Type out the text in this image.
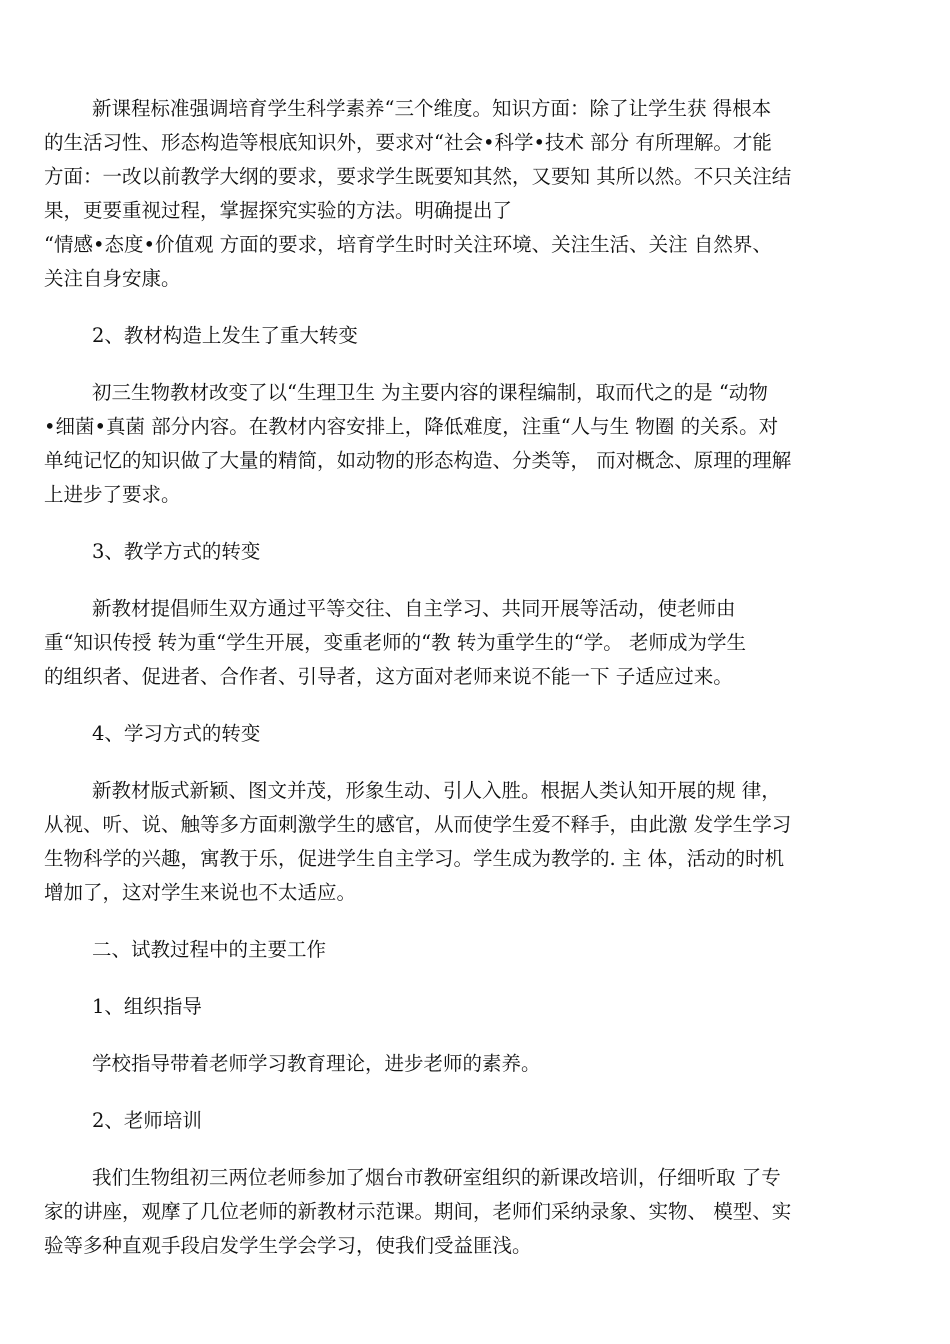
新课程标准强调培育学生科学素养“三个维度。知识方面：除了让学生获 得根本
的生活习性、形态构造等根底知识外，要求对“社会•科学•技术 部分 有所理解。才能
方面：一改以前教学大纲的要求，要求学生既要知其然，又要知 其所以然。不只关注结
果，更要重视过程，掌握探究实验的方法。明确提出了
“情感•态度•价值观 方面的要求，培育学生时时关注环境、关注生活、关注 自然界、
关注自身安康。

2、教材构造上发生了重大转变

初三生物教材改变了以“生理卫生 为主要内容的课程编制，取而代之的是 “动物
•细菌•真菌 部分内容。在教材内容安排上，降低难度，注重“人与生 物圈 的关系。对
单纯记忆的知识做了大量的精简，如动物的形态构造、分类等， 而对概念、原理的理解
上进步了要求。

3、教学方式的转变

新教材提倡师生双方通过平等交往、自主学习、共同开展等活动，使老师由
重“知识传授 转为重“学生开展，变重老师的“教 转为重学生的“学。 老师成为学生
的组织者、促进者、合作者、引导者，这方面对老师来说不能一下 子适应过来。

4、学习方式的转变

新教材版式新颖、图文并茂，形象生动、引人入胜。根据人类认知开展的规 律，
从视、听、说、触等多方面刺激学生的感官，从而使学生爱不释手，由此激 发学生学习
生物科学的兴趣，寓教于乐，促进学生自主学习。学生成为教学的. 主 体，活动的时机
增加了，这对学生来说也不太适应。

二、试教过程中的主要工作

1、组织指导

学校指导带着老师学习教育理论，进步老师的素养。

2、老师培训

我们生物组初三两位老师参加了烟台市教研室组织的新课改培训，仔细听取 了专
家的讲座，观摩了几位老师的新教材示范课。期间，老师们采纳录象、实物、 模型、实
验等多种直观手段启发学生学会学习，使我们受益匪浅。
